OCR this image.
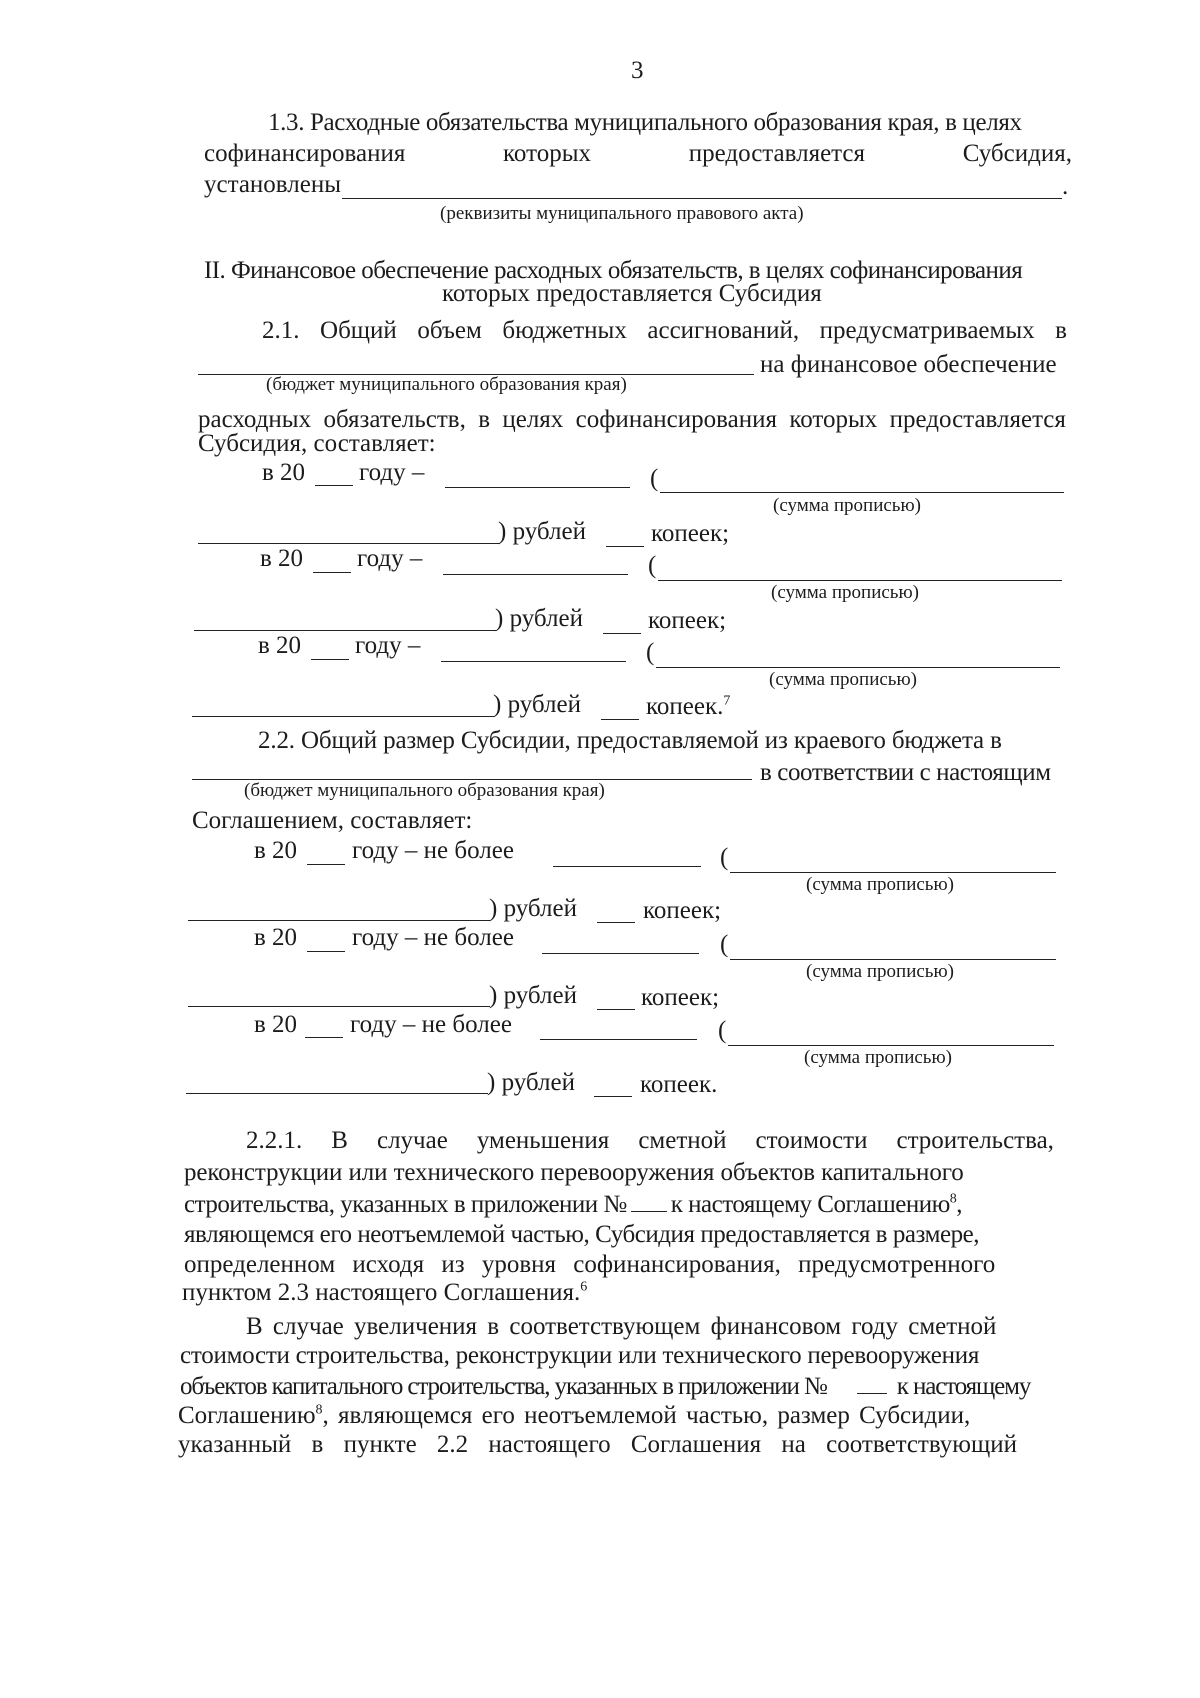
3
1.3. Расходные обязательства муниципального образования края, в целях
софинансирования	которых	предоставляется	Субсидия,
установлены	.
(реквизиты муниципального правового акта)
II. Финансовое обеспечение расходных обязательств, в целях софинансирования
которых предоставляется Субсидия
2.1. Общий объем бюджетных ассигнований, предусматриваемых в
на финансовое обеспечение
(бюджет муниципального образования края)
расходных обязательств, в целях софинансирования которых предоставляется
Субсидия, составляет:
в 20 году –	(
(сумма прописью)
) рублей	копеек;
в 20 году –	(
(сумма прописью)
) рублей	копеек;
в 20 году –	(
(сумма прописью)
) рублей	копеек.$^7$
2.2. Общий размер Субсидии, предоставляемой из краевого бюджета в
в соответствии с настоящим
(бюджет муниципального образования края)
Соглашением, составляет:
в 20 году – не более	(
(сумма прописью)
) рублей	копеек;
в 20 году – не более	(
(сумма прописью)
) рублей	копеек;
в 20 году – не более	(
(сумма прописью)
) рублей	копеек.
2.2.1. В случае уменьшения сметной стоимости строительства,
реконструкции или технического перевооружения объектов капитального
строительства, указанных в приложении № к настоящему Соглашению$^8$,
являющемся его неотъемлемой частью, Субсидия предоставляется в размере,
определенном исходя из уровня софинансирования, предусмотренного
пунктом 2.3 настоящего Соглашения.$^6$
В случае увеличения в соответствующем финансовом году сметной
стоимости строительства, реконструкции или технического перевооружения
объектов капитального строительства, указанных в приложении №	к настоящему
Соглашению$^8$, являющемся его неотъемлемой частью, размер Субсидии,
указанный в пункте 2.2 настоящего Соглашения на соответствующий
